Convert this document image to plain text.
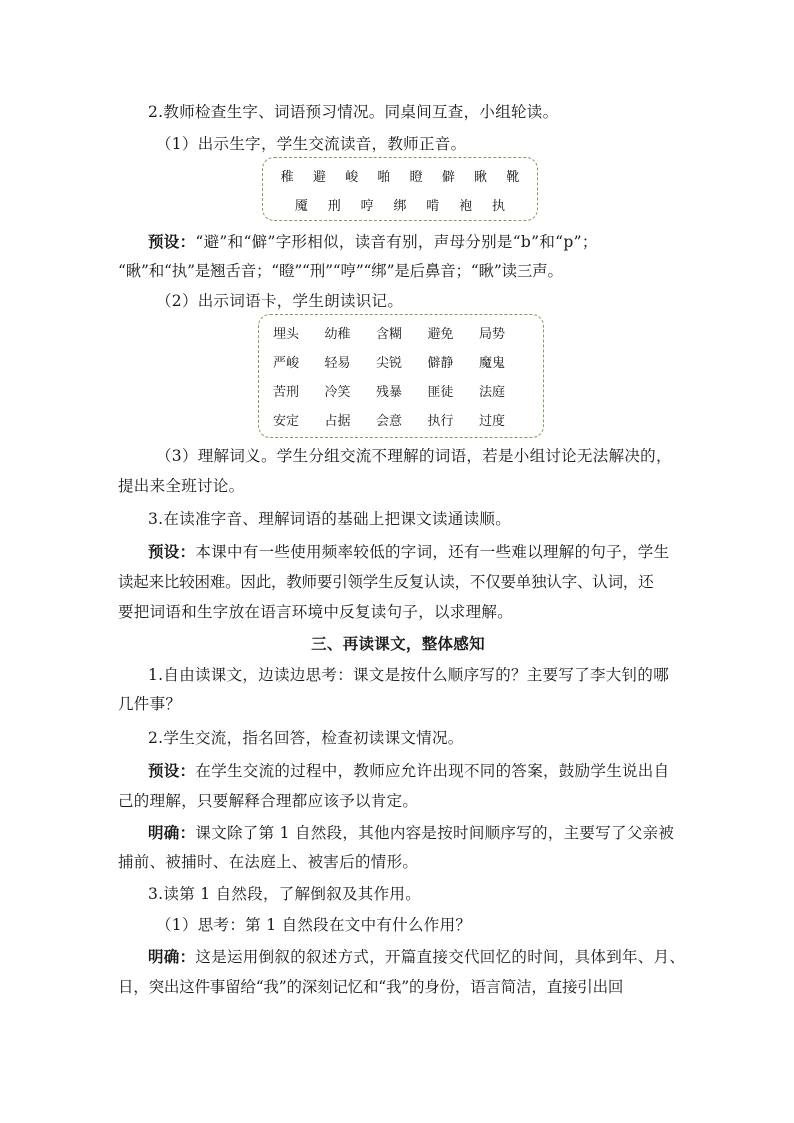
2.教师检查生字、词语预习情况。同桌间互查，小组轮读。
（1）出示生字，学生交流读音，教师正音。
稚 避 峻 啪 瞪 僻 瞅 靴
魇 刑 哼 绑 啃 袍 执
预设：“避”和“僻”字形相似，读音有别，声母分别是“b”和“p”；
“瞅”和“执”是翘舌音；“瞪”“刑”“哼”“绑”是后鼻音；“瞅”读三声。
（2）出示词语卡，学生朗读识记。
埋头	幼稚	含糊	避免	局势
严峻	轻易	尖锐	僻静	魔鬼
苦刑	冷笑	残暴	匪徒	法庭
安定	占据	会意	执行	过度
（3）理解词义。学生分组交流不理解的词语，若是小组讨论无法解决的，
提出来全班讨论。
3.在读准字音、理解词语的基础上把课文读通读顺。
预设：本课中有一些使用频率较低的字词，还有一些难以理解的句子，学生
读起来比较困难。因此，教师要引领学生反复认读，不仅要单独认字、认词，还
要把词语和生字放在语言环境中反复读句子，以求理解。
三、再读课文，整体感知
1.自由读课文，边读边思考：课文是按什么顺序写的？主要写了李大钊的哪
几件事？
2.学生交流，指名回答，检查初读课文情况。
预设：在学生交流的过程中，教师应允许出现不同的答案，鼓励学生说出自
己的理解，只要解释合理都应该予以肯定。
明确：课文除了第 1 自然段，其他内容是按时间顺序写的，主要写了父亲被
捕前、被捕时、在法庭上、被害后的情形。
3.读第 1 自然段，了解倒叙及其作用。
（1）思考：第 1 自然段在文中有什么作用？
明确：这是运用倒叙的叙述方式，开篇直接交代回忆的时间，具体到年、月、
日，突出这件事留给“我”的深刻记忆和“我”的身份，语言简洁，直接引出回
